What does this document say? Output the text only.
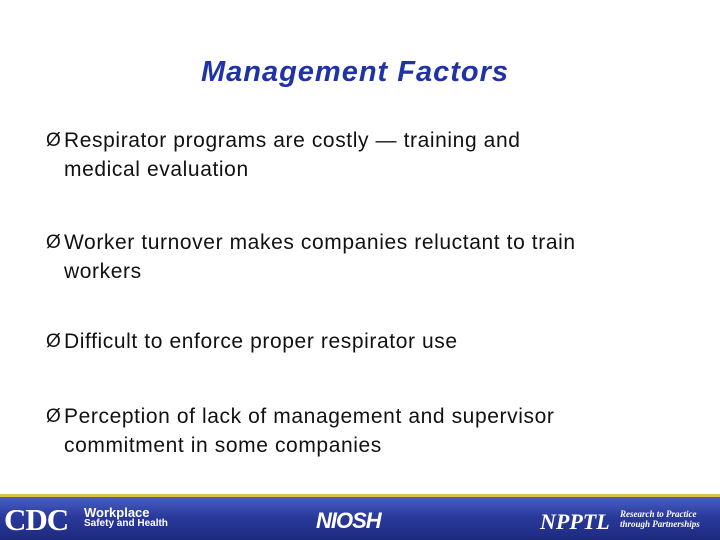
Management Factors
Ø Respirator programs are costly — training and
medical evaluation
Ø Worker turnover makes companies reluctant to train
workers
Ø Difficult to enforce proper respirator use
Ø Perception of lack of management and supervisor
commitment in some companies
CDC Workplace
Safety and Health	NIOSH	NPPTL Research to Practice
through Partnerships
